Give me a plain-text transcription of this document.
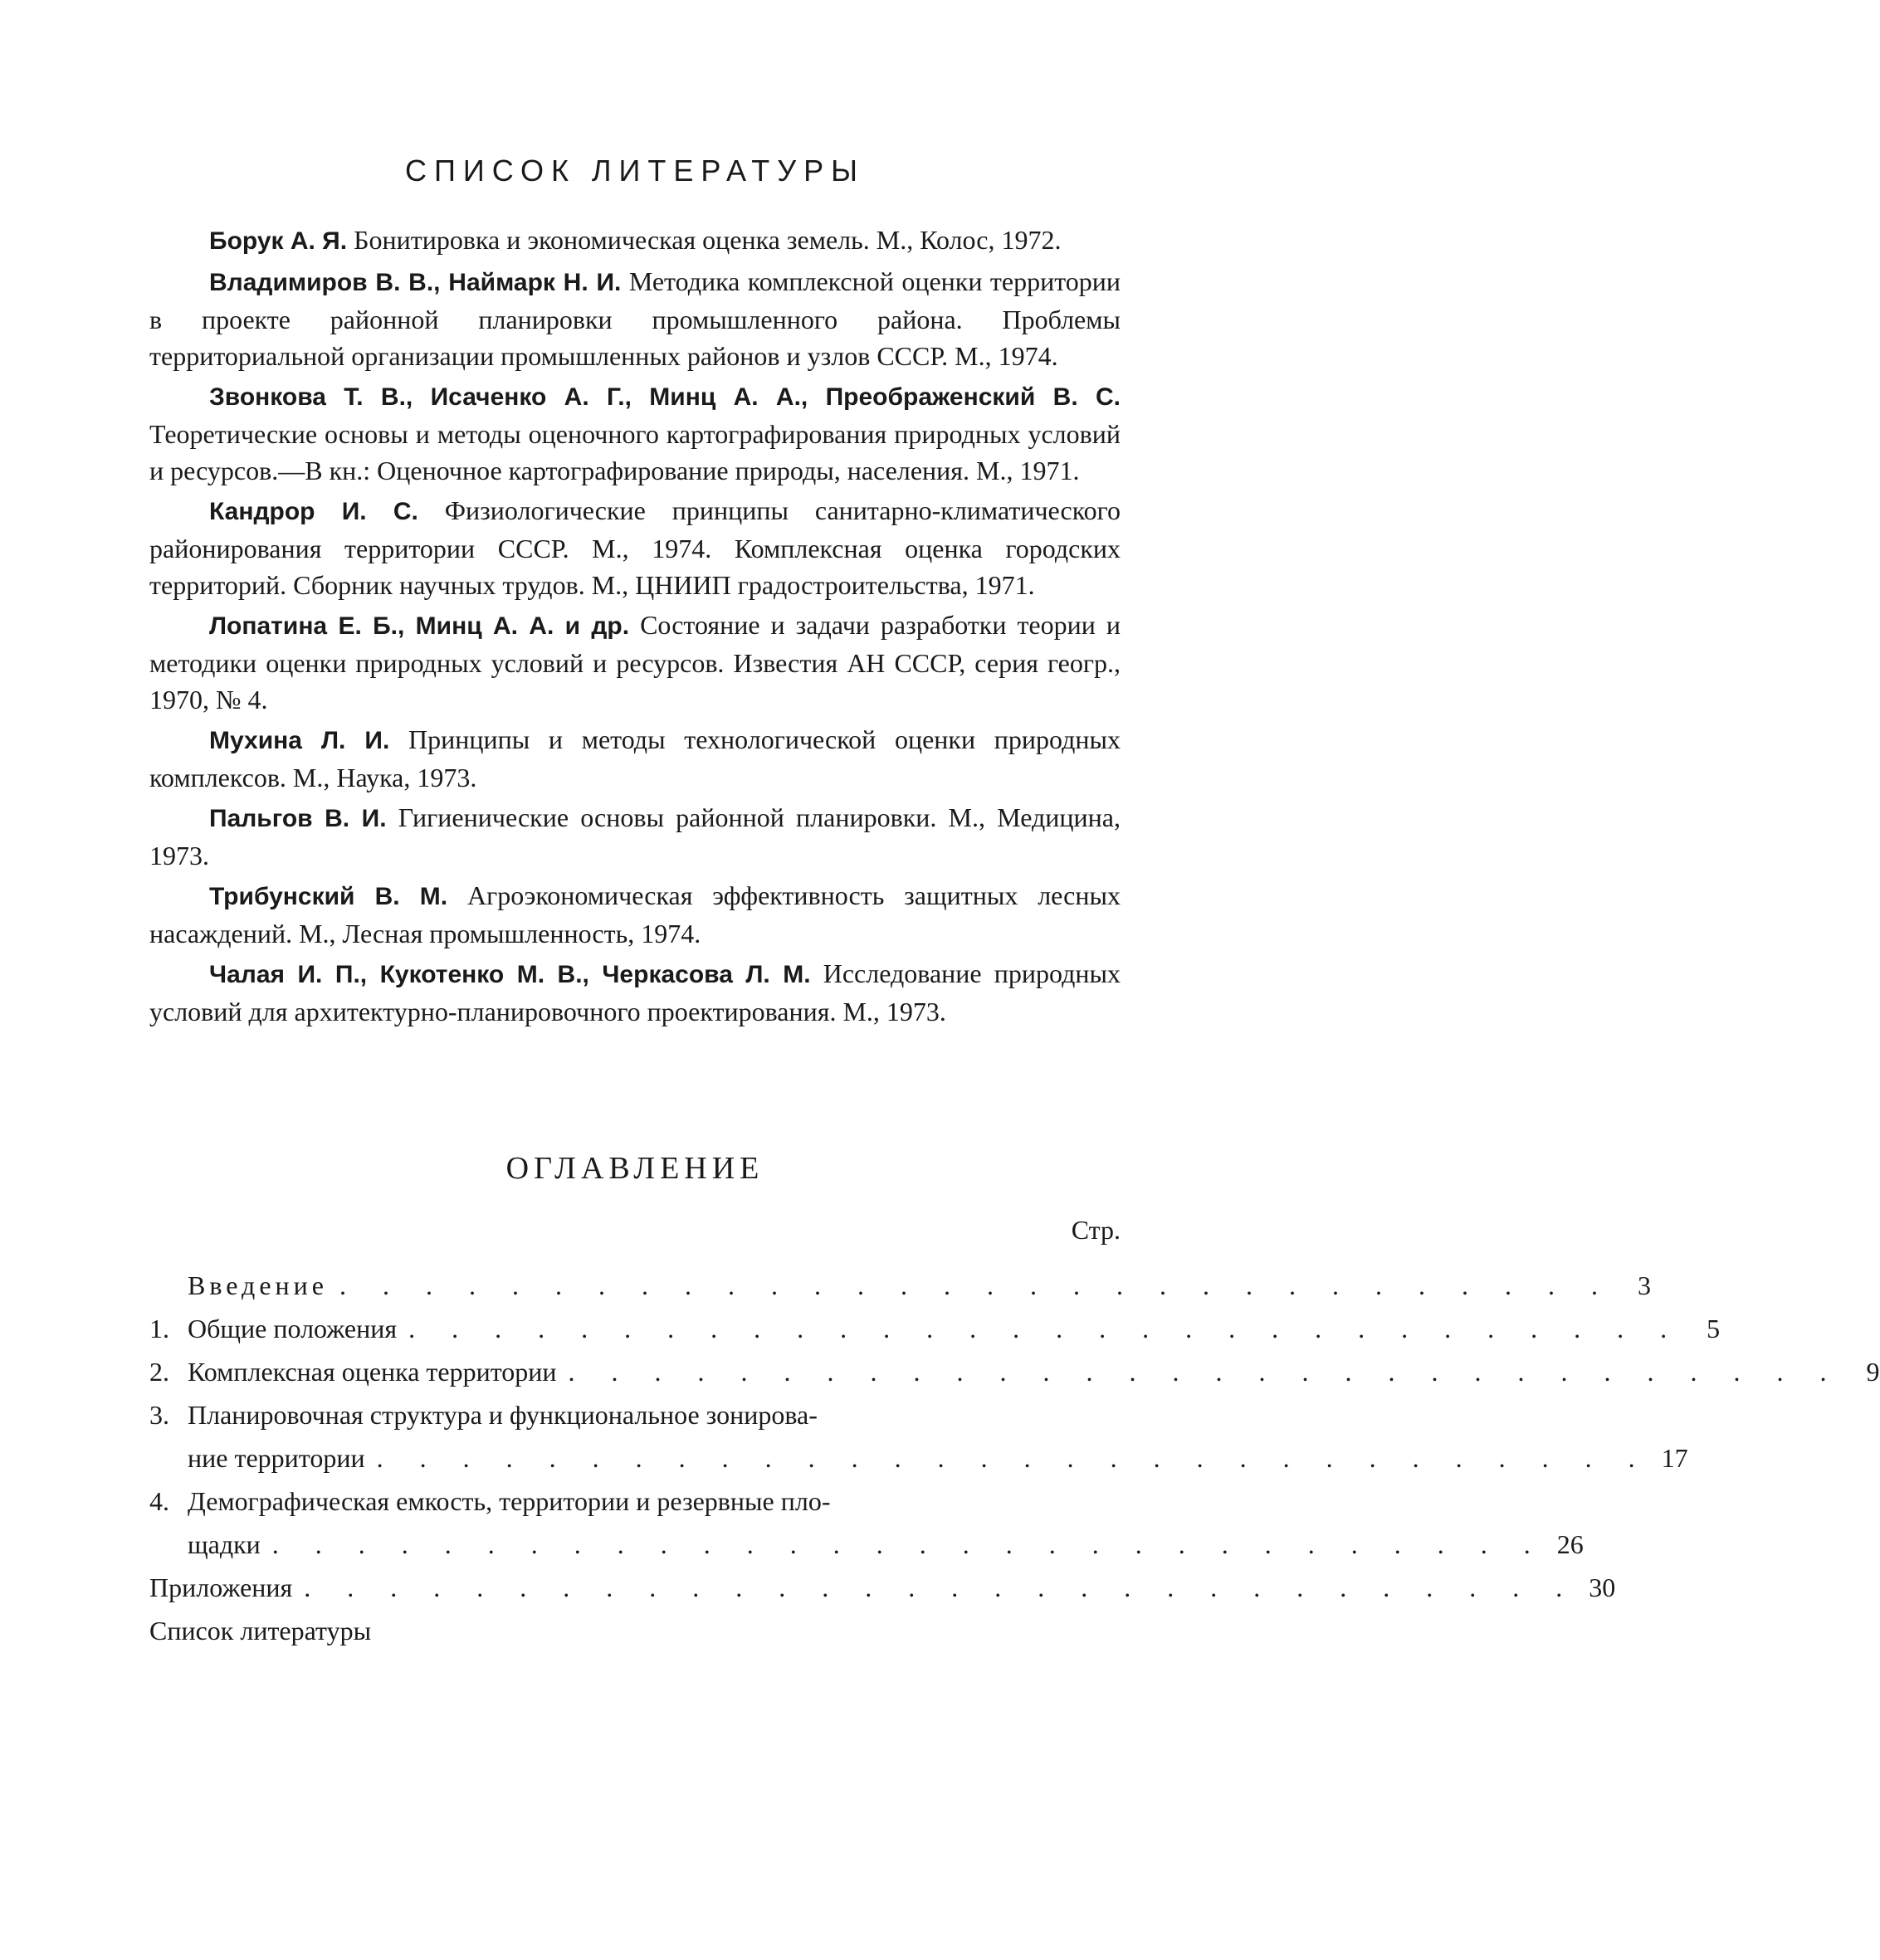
СПИСОК ЛИТЕРАТУРЫ

Борук А. Я. Бонитировка и экономическая оценка земель. М., Колос, 1972.

Владимиров В. В., Наймарк Н. И. Методика комплексной оценки территории в проекте районной планировки промышленного района. Проблемы территориальной организации промышленных районов и узлов СССР. М., 1974.

Звонкова Т. В., Исаченко А. Г., Минц А. А., Преображенский В. С. Теоретические основы и методы оценочного картографирования природных условий и ресурсов.—В кн.: Оценочное картографирование природы, населения. М., 1971.

Кандрор И. С. Физиологические принципы санитарно-климатического районирования территории СССР. М., 1974. Комплексная оценка городских территорий. Сборник научных трудов. М., ЦНИИП градостроительства, 1971.

Лопатина Е. Б., Минц А. А. и др. Состояние и задачи разработки теории и методики оценки природных условий и ресурсов. Известия АН СССР, серия геогр., 1970, № 4.

Мухина Л. И. Принципы и методы технологической оценки природных комплексов. М., Наука, 1973.

Пальгов В. И. Гигиенические основы районной планировки. М., Медицина, 1973.

Трибунский В. М. Агроэкономическая эффективность защитных лесных насаждений. М., Лесная промышленность, 1974.

Чалая И. П., Кукотенко М. В., Черкасова Л. М. Исследование природных условий для архитектурно-планировочного проектирования. М., 1973.

ОГЛАВЛЕНИЕ
Стр.
Введение . . . . . . . . . . . . . . . . . . . . . . . . . . . . . . 3
1. Общие положения . . . . . . . . . . . . . . . . . . . . . . . . . . . . . . 5
2. Комплексная оценка территории . . . . . . . . . . . . . . . . . . . . . . . . . . . . . . 9
3. Планировочная структура и функциональное зонирова-
ние территории . . . . . . . . . . . . . . . . . . . . . . . . . . . . . . 17
4. Демографическая емкость, территории и резервные пло-
щадки . . . . . . . . . . . . . . . . . . . . . . . . . . . . . . 26
Приложения . . . . . . . . . . . . . . . . . . . . . . . . . . . . . . 30
Список литературы
